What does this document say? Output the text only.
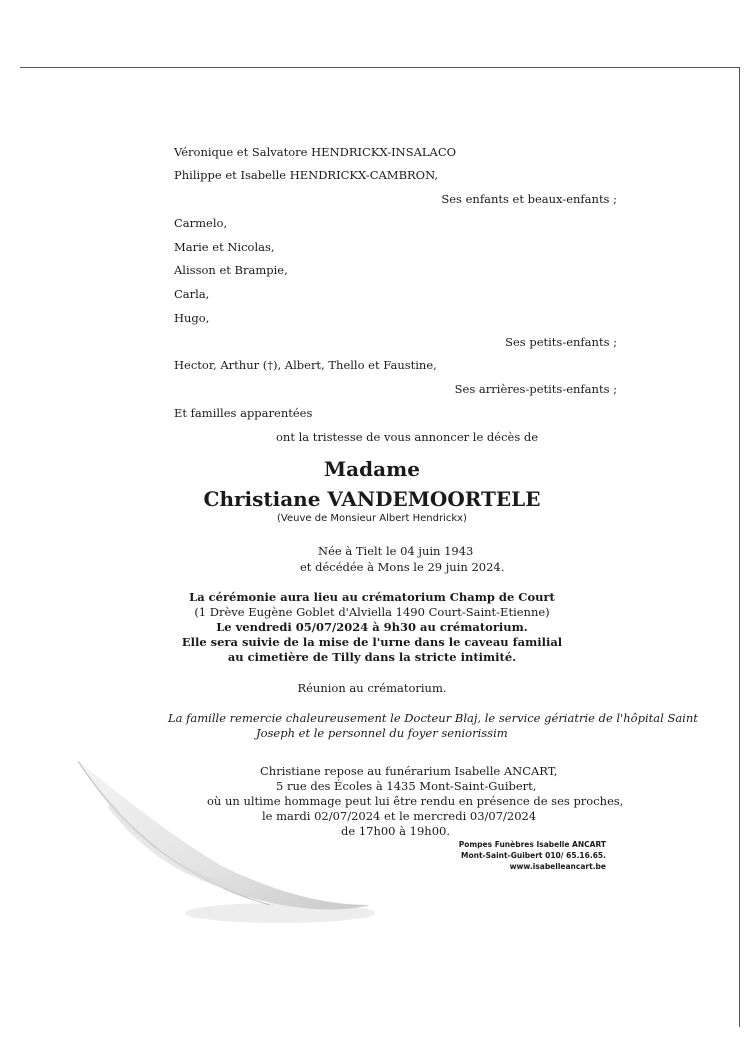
Véronique et Salvatore HENDRICKX-INSALACO
Philippe et Isabelle HENDRICKX-CAMBRON,
Ses enfants et beaux-enfants ;
Carmelo,
Marie et Nicolas,
Alisson et Brampie,
Carla,
Hugo,
Ses petits-enfants ;
Hector, Arthur (†), Albert, Thello et Faustine,
Ses arrières-petits-enfants ;
Et familles apparentées
ont la tristesse de vous annoncer le décès de
Madame
Christiane VANDEMOORTELE
(Veuve de Monsieur Albert Hendrickx)
Née à Tielt le 04 juin 1943
et décédée à Mons le 29 juin 2024.
La cérémonie aura lieu au crématorium Champ de Court
(1 Drève Eugène Goblet d'Alviella 1490 Court-Saint-Etienne)
Le vendredi 05/07/2024 à 9h30 au crématorium.
Elle sera suivie de la mise de l'urne dans le caveau familial
au cimetière de Tilly dans la stricte intimité.
Réunion au crématorium.
La famille remercie chaleureusement le Docteur Blaj, le service gériatrie de l'hôpital Saint
Joseph et le personnel du foyer seniorissim
Christiane repose au funérarium Isabelle ANCART,
5 rue des Écoles à 1435 Mont-Saint-Guibert,
où un ultime hommage peut lui être rendu en présence de ses proches,
le mardi 02/07/2024 et le mercredi 03/07/2024
de 17h00 à 19h00.
Pompes Funèbres Isabelle ANCART
Mont-Saint-Guibert 010/ 65.16.65.
www.isabelleancart.be
